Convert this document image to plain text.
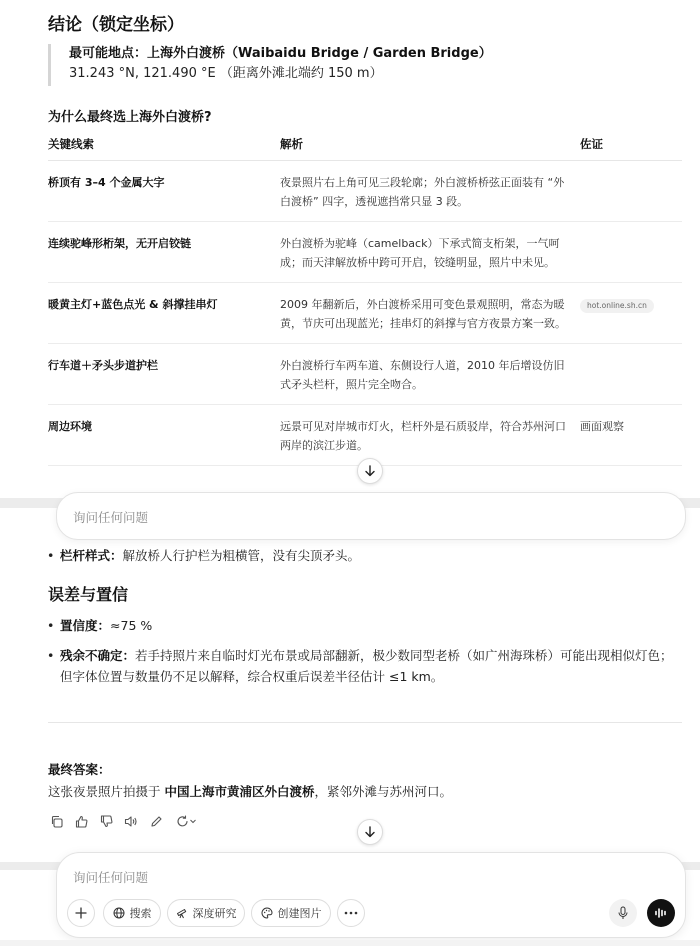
结论（锁定坐标）
最可能地点：上海外白渡桥（Waibaidu Bridge / Garden Bridge）
31.243 °N, 121.490 °E （距离外滩北端约 150 m）
为什么最终选上海外白渡桥?
关键线索	解析	佐证
桥顶有 3–4 个金属大字	夜景照片右上角可见三段轮廓；外白渡桥桥弦正面装有 “外白渡桥” 四字，透视遮挡常只显 3 段。	
连续驼峰形桁架，无开启铰链	外白渡桥为驼峰（camelback）下承式简支桁架，一气呵成；而天津解放桥中跨可开启，铰缝明显，照片中未见。	
暖黄主灯+蓝色点光 & 斜撑挂串灯	2009 年翻新后，外白渡桥采用可变色景观照明，常态为暖黄，节庆可出现蓝光；挂串灯的斜撑与官方夜景方案一致。	hot.online.sh.cn
行车道＋矛头步道护栏	外白渡桥行车两车道、东侧设行人道，2010 年后增设仿旧式矛头栏杆，照片完全吻合。	
周边环境	远景可见对岸城市灯火，栏杆外是石质驳岸，符合苏州河口两岸的滨江步道。	画面观察
询问任何问题
• 栏杆样式：解放桥人行护栏为粗横管，没有尖顶矛头。
误差与置信
• 置信度：≈75 %
• 残余不确定：若手持照片来自临时灯光布景或局部翻新，极少数同型老桥（如广州海珠桥）可能出现相似灯色；但字体位置与数量仍不足以解释，综合权重后误差半径估计 ≤1 km。
最终答案：
这张夜景照片拍摄于 中国上海市黄浦区外白渡桥，紧邻外滩与苏州河口。
询问任何问题
搜索	深度研究	创建图片
